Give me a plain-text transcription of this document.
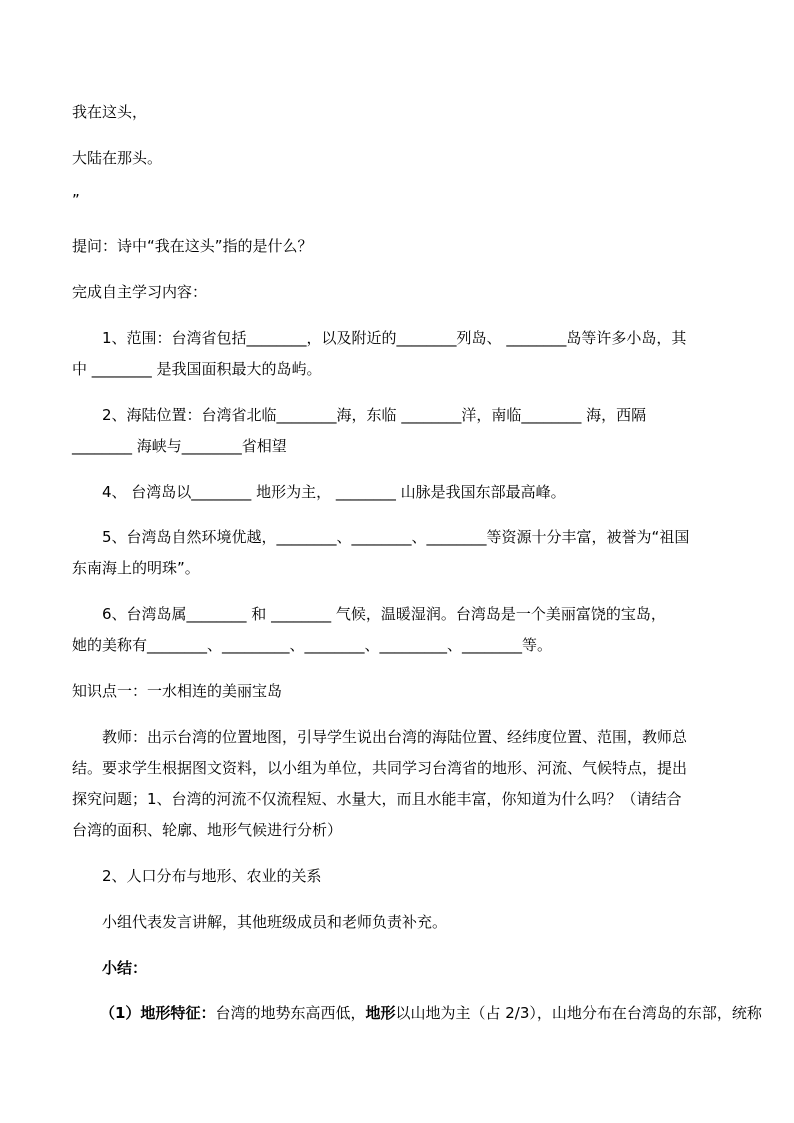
我在这头，
大陆在那头。
”
提问：诗中“我在这头”指的是什么？
完成自主学习内容：
1、范围：台湾省包括________，以及附近的________列岛、 ________岛等许多小岛，其
中 ________ 是我国面积最大的岛屿。
2、海陆位置：台湾省北临________海，东临 ________洋，南临________ 海，西隔
________ 海峡与________省相望
4、 台湾岛以________ 地形为主， ________ 山脉是我国东部最高峰。
5、台湾岛自然环境优越，________、________、________等资源十分丰富，被誉为“祖国
东南海上的明珠”。
6、台湾岛属________ 和 ________ 气候，温暖湿润。台湾岛是一个美丽富饶的宝岛，
她的美称有________、_________、________、_________、________等。
知识点一：一水相连的美丽宝岛
教师：出示台湾的位置地图，引导学生说出台湾的海陆位置、经纬度位置、范围，教师总
结。要求学生根据图文资料，以小组为单位，共同学习台湾省的地形、河流、气候特点，提出
探究问题；1、台湾的河流不仅流程短、水量大，而且水能丰富，你知道为什么吗？（请结合
台湾的面积、轮廓、地形气候进行分析）
2、人口分布与地形、农业的关系
小组代表发言讲解，其他班级成员和老师负责补充。
小结：
（1）地形特征：台湾的地势东高西低，地形以山地为主（占 2/3），山地分布在台湾岛的东部，统称
